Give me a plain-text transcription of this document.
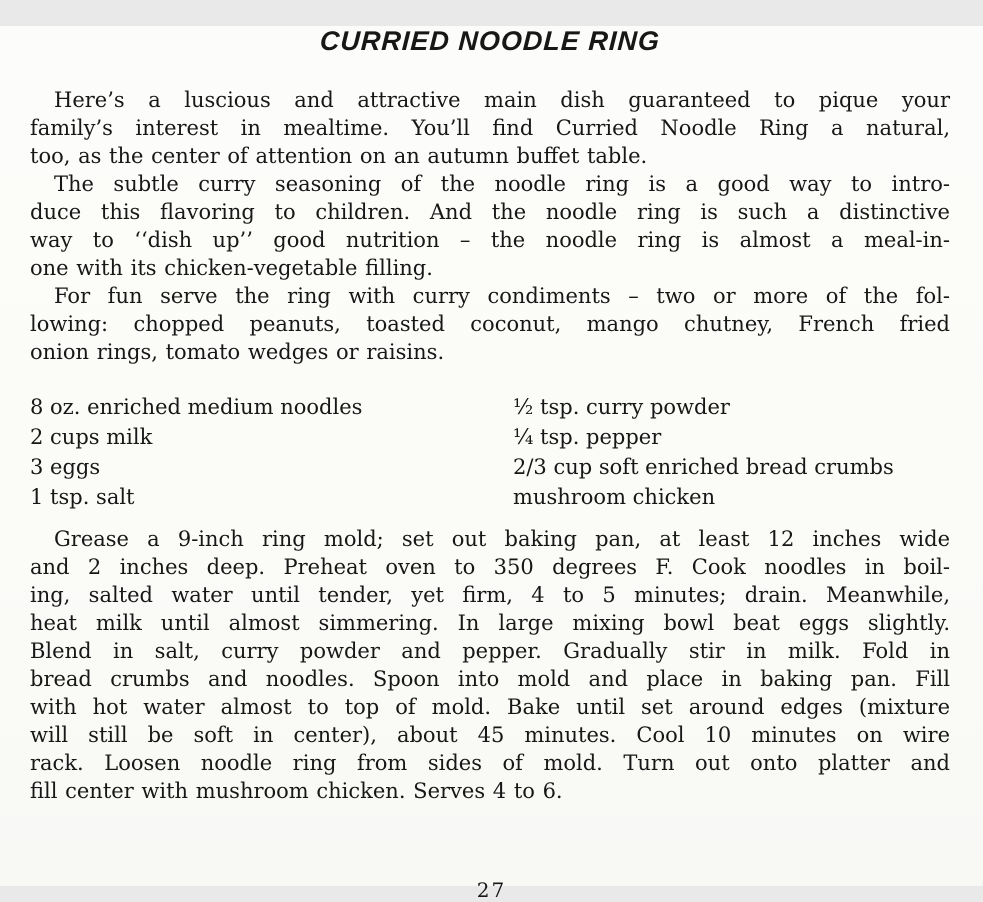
CURRIED NOODLE RING
Here’s a luscious and attractive main dish guaranteed to pique your
family’s interest in mealtime. You’ll find Curried Noodle Ring a natural,
too, as the center of attention on an autumn buffet table.
The subtle curry seasoning of the noodle ring is a good way to intro-
duce this flavoring to children. And the noodle ring is such a distinctive
way to ‘‘dish up’’ good nutrition – the noodle ring is almost a meal-in-
one with its chicken-vegetable filling.
For fun serve the ring with curry condiments – two or more of the fol-
lowing: chopped peanuts, toasted coconut, mango chutney, French fried
onion rings, tomato wedges or raisins.
8 oz. enriched medium noodles
2 cups milk
3 eggs
1 tsp. salt
½ tsp. curry powder
¼ tsp. pepper
2/3 cup soft enriched bread crumbs
mushroom chicken
Grease a 9-inch ring mold; set out baking pan, at least 12 inches wide
and 2 inches deep. Preheat oven to 350 degrees F. Cook noodles in boil-
ing, salted water until tender, yet firm, 4 to 5 minutes; drain. Meanwhile,
heat milk until almost simmering. In large mixing bowl beat eggs slightly.
Blend in salt, curry powder and pepper. Gradually stir in milk. Fold in
bread crumbs and noodles. Spoon into mold and place in baking pan. Fill
with hot water almost to top of mold. Bake until set around edges (mixture
will still be soft in center), about 45 minutes. Cool 10 minutes on wire
rack. Loosen noodle ring from sides of mold. Turn out onto platter and
fill center with mushroom chicken. Serves 4 to 6.
27
